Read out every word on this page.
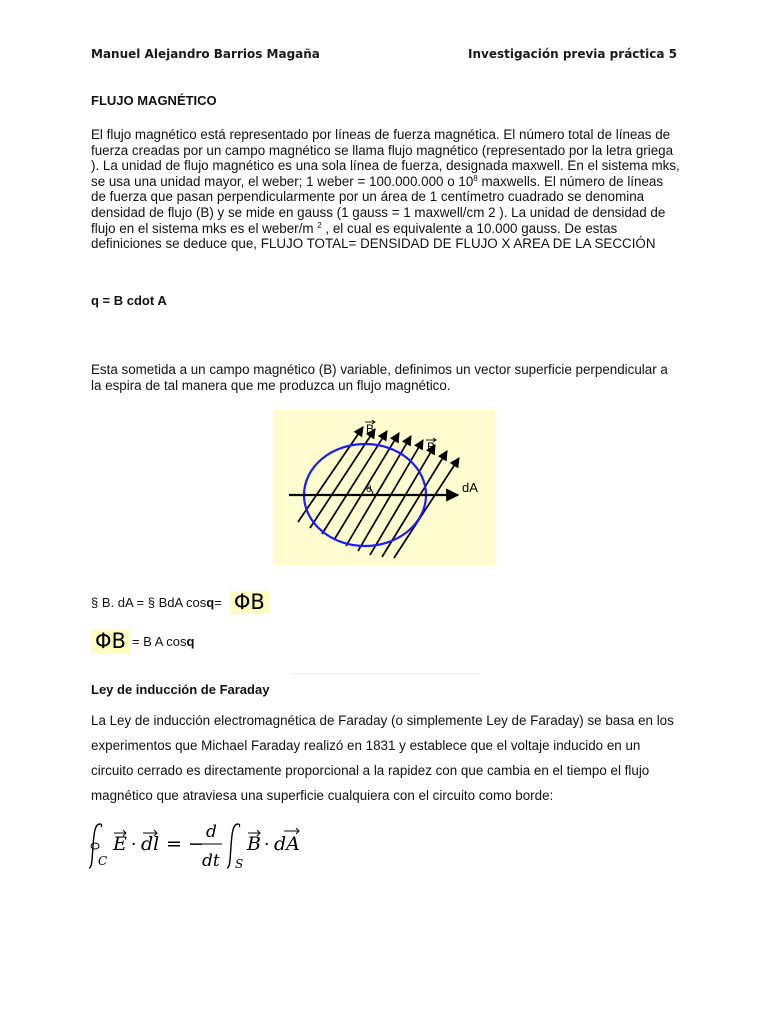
Manuel Alejandro Barrios Magaña	Investigación previa práctica 5
FLUJO MAGNÉTICO
El flujo magnético está representado por líneas de fuerza magnética. El número total de líneas de fuerza creadas por un campo magnético se llama flujo magnético (representado por la letra griega ). La unidad de flujo magnético es una sola línea de fuerza, designada maxwell. En el sistema mks, se usa una unidad mayor, el weber; 1 weber = 100.000.000 o $10^8$ maxwells. El número de líneas de fuerza que pasan perpendicularmente por un área de 1 centímetro cuadrado se denomina densidad de flujo (B) y se mide en gauss (1 gauss = 1 maxwell/cm 2 ). La unidad de densidad de flujo en el sistema mks es el weber/m $^2$ , el cual es equivalente a 10.000 gauss. De estas definiciones se deduce que, FLUJO TOTAL= DENSIDAD DE FLUJO X AREA DE LA SECCIÓN
q = B cdot A
Esta sometida a un campo magnético (B) variable, definimos un vector superficie perpendicular a la espira de tal manera que me produzca un flujo magnético.
B
B
θ	dA
§ B. dA = § BdA cos q = ΦB
ΦB = B A cos q
Ley de inducción de Faraday
La Ley de inducción electromagnética de Faraday (o simplemente Ley de Faraday) se basa en los experimentos que Michael Faraday realizó en 1831 y establece que el voltaje inducido en un circuito cerrado es directamente proporcional a la rapidez con que cambia en el tiempo el flujo magnético que atraviesa una superficie cualquiera con el circuito como borde:
C
E · dl = −
d
dt S
B · dA
